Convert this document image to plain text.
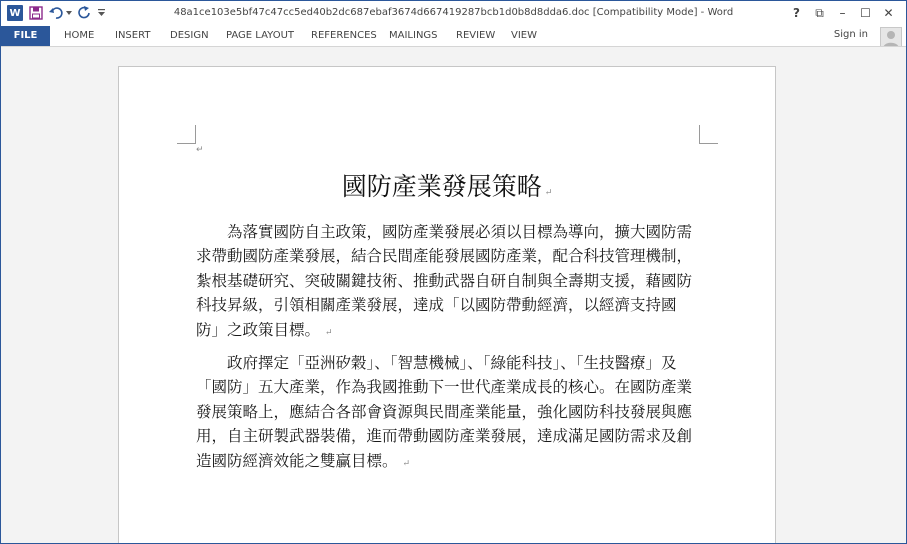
W	48a1ce103e5bf47c47cc5ed40b2dc687ebaf3674d667419287bcb1d0b8d8dda6.doc [Compatibility Mode] - Word	?	⧉	–	☐	✕
FILE	HOME INSERT DESIGN PAGE LAYOUT REFERENCES MAILINGS REVIEW VIEW	Sign in
↵
國防產業發展策略 ↵

為落實國防自主政策，國防產業發展必須以目標為導向，擴大國防需求帶動國防產業發展，結合民間產能發展國防產業，配合科技管理機制，紮根基礎研究、突破關鍵技術、推動武器自研自制與全壽期支援，藉國防科技昇級，引領相關產業發展，達成「以國防帶動經濟，以經濟支持國防」之政策目標。 ↵

政府擇定「亞洲矽穀」、「智慧機械」、「綠能科技」、「生技醫療」及「國防」五大產業，作為我國推動下一世代產業成長的核心。在國防產業發展策略上，應結合各部會資源與民間產業能量，強化國防科技發展與應用，自主研製武器裝備，進而帶動國防產業發展，達成滿足國防需求及創造國防經濟效能之雙贏目標。 ↵
